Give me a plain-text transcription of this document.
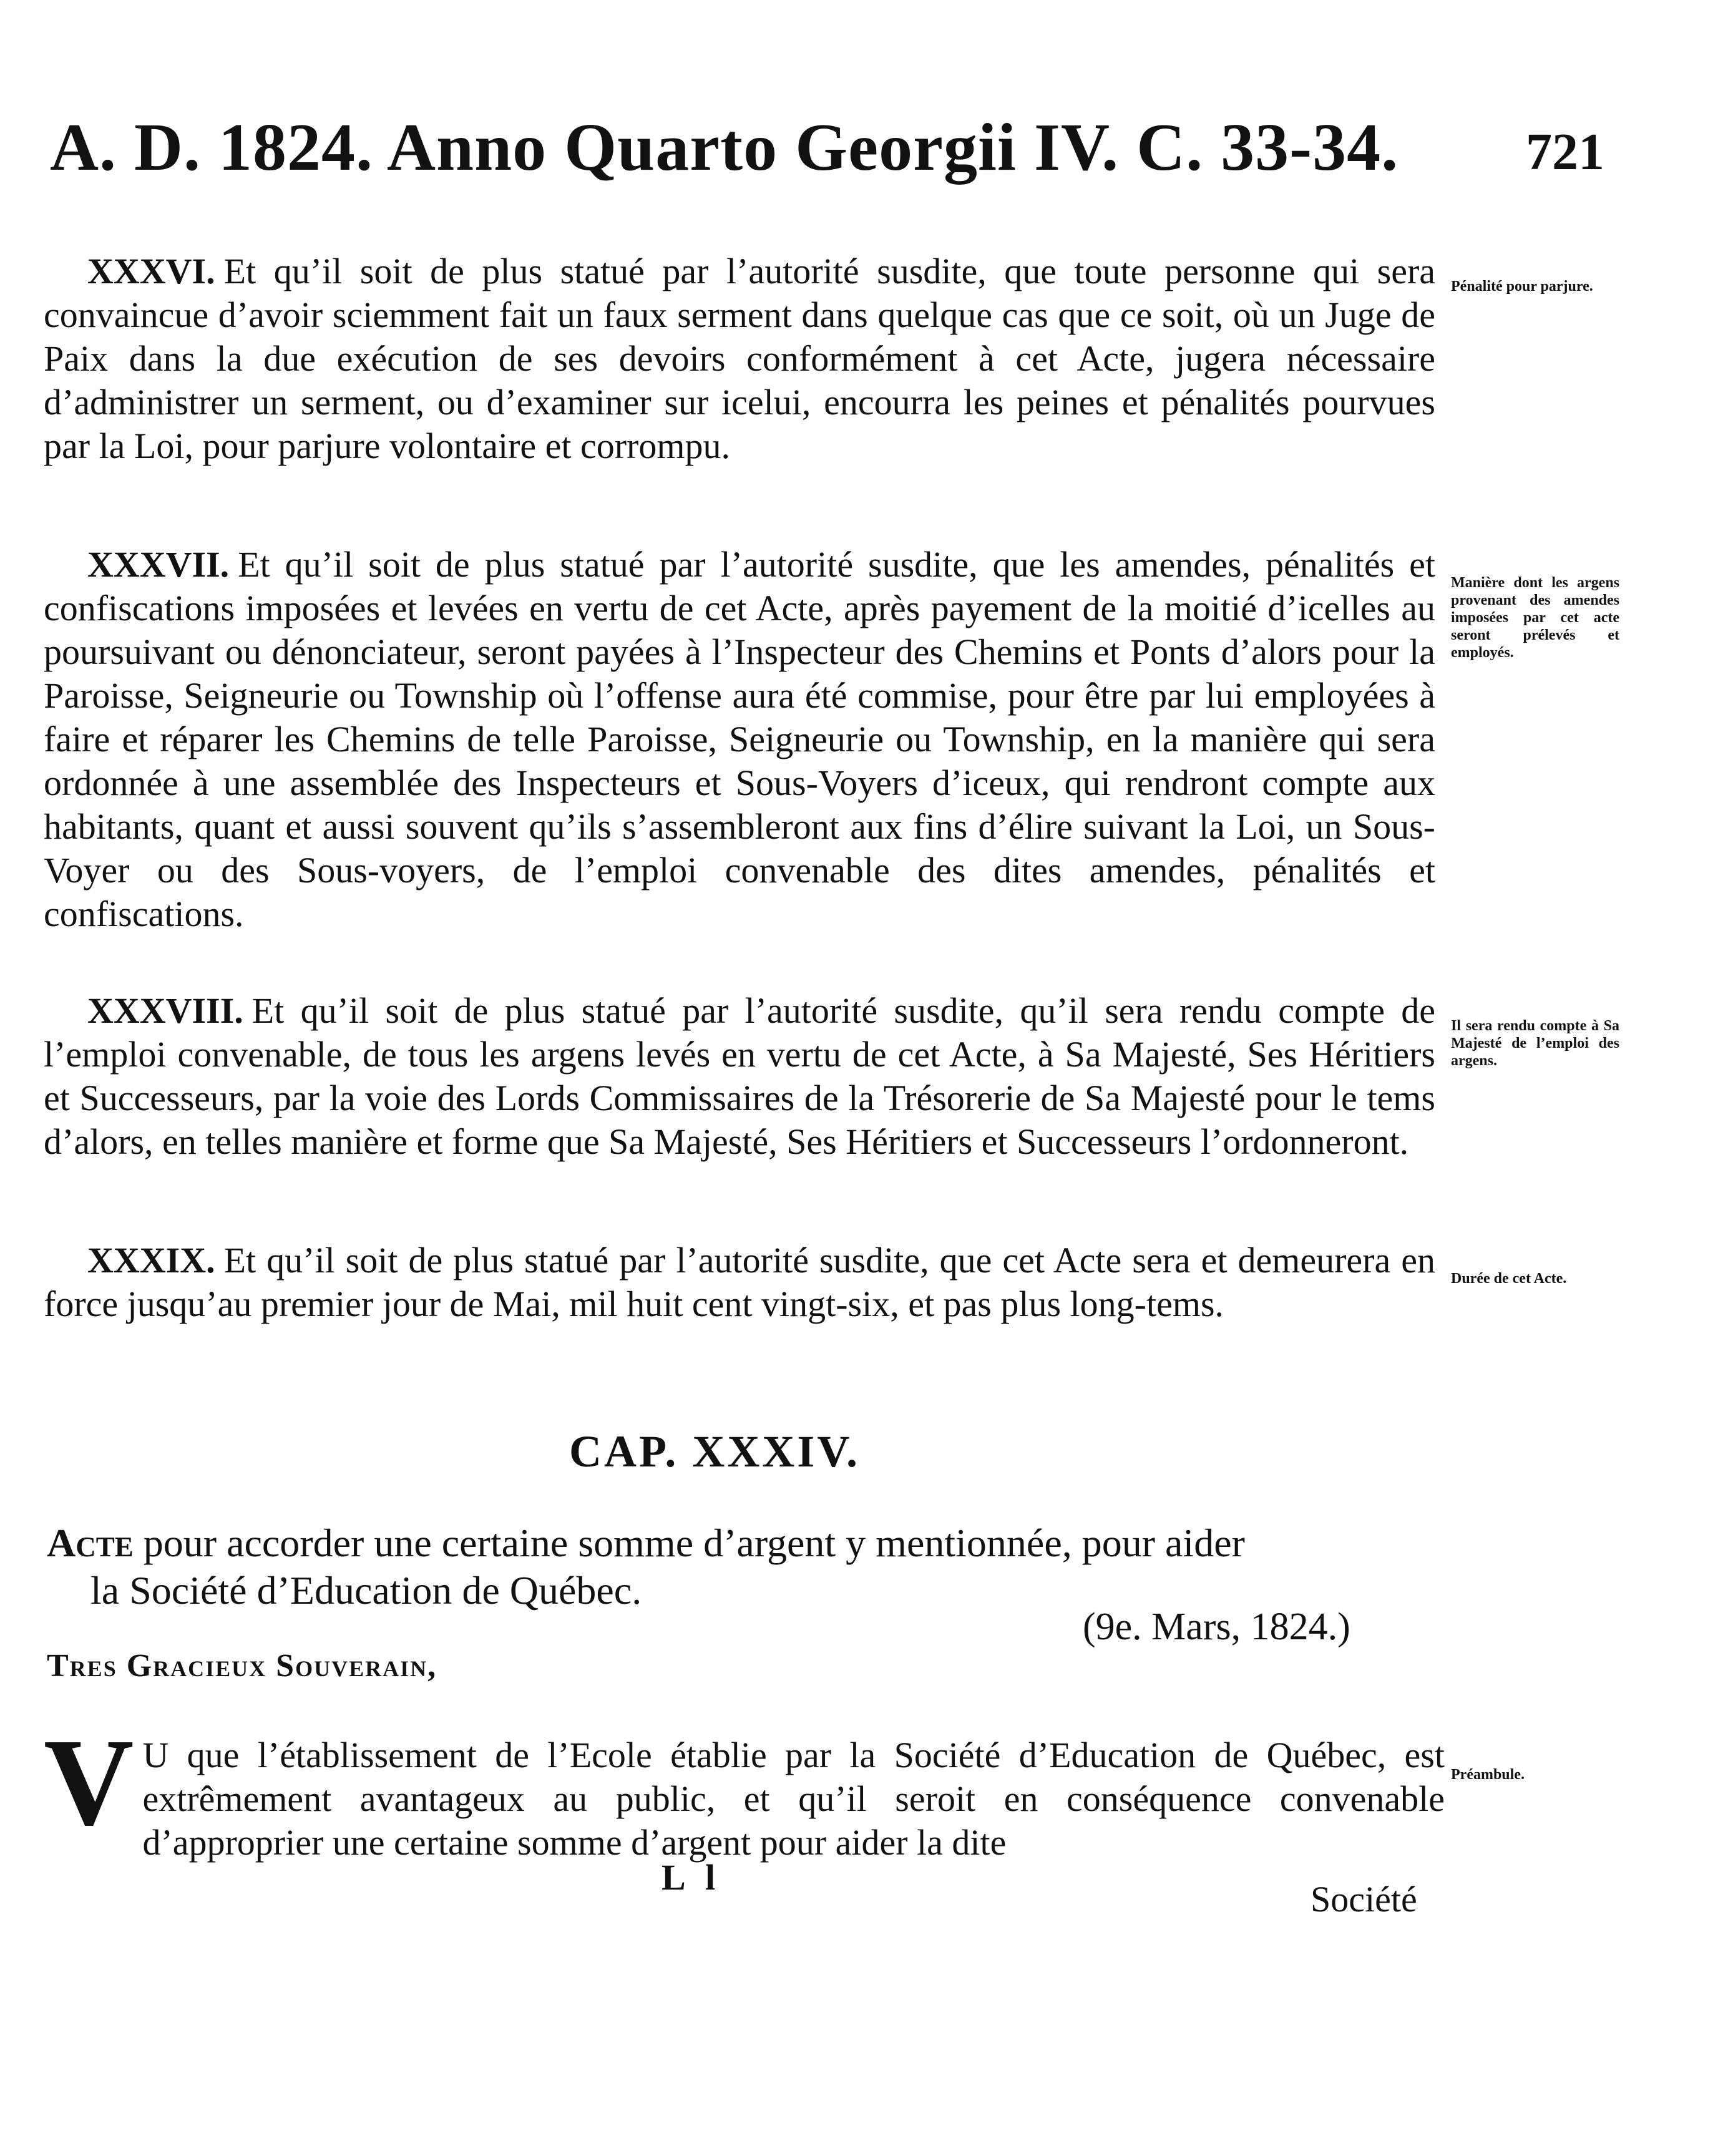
A. D. 1824. Anno Quarto Georgii IV. C. 33-34. 721
XXXVI. Et qu’il soit de plus statué par l’autorité susdite, que toute personne qui sera convaincue d’avoir sciemment fait un faux serment dans quelque cas que ce soit, où un Juge de Paix dans la due exécution de ses devoirs conformément à cet Acte, jugera nécessaire d’administrer un serment, ou d’examiner sur icelui, encourra les peines et pénalités pourvues par la Loi, pour parjure volontaire et corrompu.
Pénalité pour parjure.
XXXVII. Et qu’il soit de plus statué par l’autorité susdite, que les amendes, pénalités et confiscations imposées et levées en vertu de cet Acte, après payement de la moitié d’icelles au poursuivant ou dénonciateur, seront payées à l’Inspecteur des Chemins et Ponts d’alors pour la Paroisse, Seigneurie ou Township où l’offense aura été commise, pour être par lui employées à faire et réparer les Chemins de telle Paroisse, Seigneurie ou Township, en la manière qui sera ordonnée à une assemblée des Inspecteurs et Sous-Voyers d’iceux, qui rendront compte aux habitants, quant et aussi souvent qu’ils s’assembleront aux fins d’élire suivant la Loi, un Sous-Voyer ou des Sous-voyers, de l’emploi convenable des dites amendes, pénalités et confiscations.
Manière dont les argens provenant des amendes imposées par cet acte seront prélevés et employés.
XXXVIII. Et qu’il soit de plus statué par l’autorité susdite, qu’il sera rendu compte de l’emploi convenable, de tous les argens levés en vertu de cet Acte, à Sa Majesté, Ses Héritiers et Successeurs, par la voie des Lords Commissaires de la Trésorerie de Sa Majesté pour le tems d’alors, en telles manière et forme que Sa Majesté, Ses Héritiers et Successeurs l’ordonneront.
Il sera rendu compte à Sa Majesté de l’emploi des argens.
XXXIX. Et qu’il soit de plus statué par l’autorité susdite, que cet Acte sera et demeurera en force jusqu’au premier jour de Mai, mil huit cent vingt-six, et pas plus long-tems.
Durée de cet Acte.
CAP. XXXIV.
Acte pour accorder une certaine somme d’argent y mentionnée, pour aider
la Société d’Education de Québec.
(9e. Mars, 1824.)
Tres Gracieux Souverain,
V U que l’établissement de l’Ecole établie par la Société d’Education de Québec, est extrêmement avantageux au public, et qu’il seroit en conséquence convenable d’approprier une certaine somme d’argent pour aider la dite
Préambule.
L l
Société
